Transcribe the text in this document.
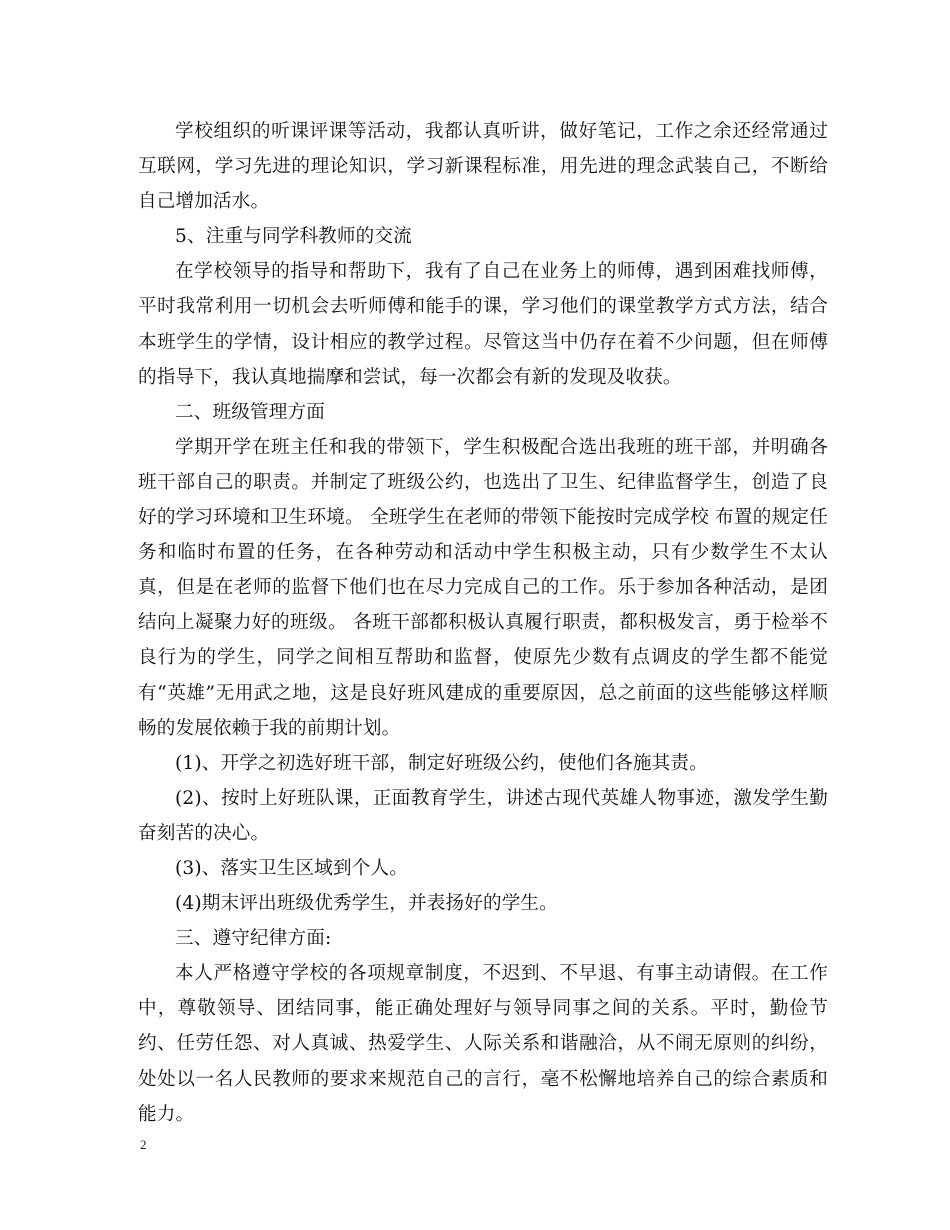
学校组织的听课评课等活动，我都认真听讲，做好笔记，工作之余还经常通过互联网，学习先进的理论知识，学习新课程标准，用先进的理念武装自己，不断给自己增加活水。

5、注重与同学科教师的交流

在学校领导的指导和帮助下，我有了自己在业务上的师傅，遇到困难找师傅，平时我常利用一切机会去听师傅和能手的课，学习他们的课堂教学方式方法，结合本班学生的学情，设计相应的教学过程。尽管这当中仍存在着不少问题，但在师傅的指导下，我认真地揣摩和尝试，每一次都会有新的发现及收获。

二、班级管理方面

学期开学在班主任和我的带领下，学生积极配合选出我班的班干部，并明确各班干部自己的职责。并制定了班级公约，也选出了卫生、纪律监督学生，创造了良好的学习环境和卫生环境。 全班学生在老师的带领下能按时完成学校 布置的规定任务和临时布置的任务，在各种劳动和活动中学生积极主动，只有少数学生不太认真，但是在老师的监督下他们也在尽力完成自己的工作。乐于参加各种活动，是团结向上凝聚力好的班级。 各班干部都积极认真履行职责，都积极发言，勇于检举不良行为的学生，同学之间相互帮助和监督，使原先少数有点调皮的学生都不能觉有“英雄”无用武之地，这是良好班风建成的重要原因，总之前面的这些能够这样顺畅的发展依赖于我的前期计划。

(1)、开学之初选好班干部，制定好班级公约，使他们各施其责。

(2)、按时上好班队课，正面教育学生，讲述古现代英雄人物事迹，激发学生勤奋刻苦的决心。

(3)、落实卫生区域到个人。

(4)期末评出班级优秀学生，并表扬好的学生。

三、遵守纪律方面:

本人严格遵守学校的各项规章制度，不迟到、不早退、有事主动请假。在工作中，尊敬领导、团结同事，能正确处理好与领导同事之间的关系。平时，勤俭节约、任劳任怨、对人真诚、热爱学生、人际关系和谐融洽，从不闹无原则的纠纷，处处以一名人民教师的要求来规范自己的言行，毫不松懈地培养自己的综合素质和能力。

2
